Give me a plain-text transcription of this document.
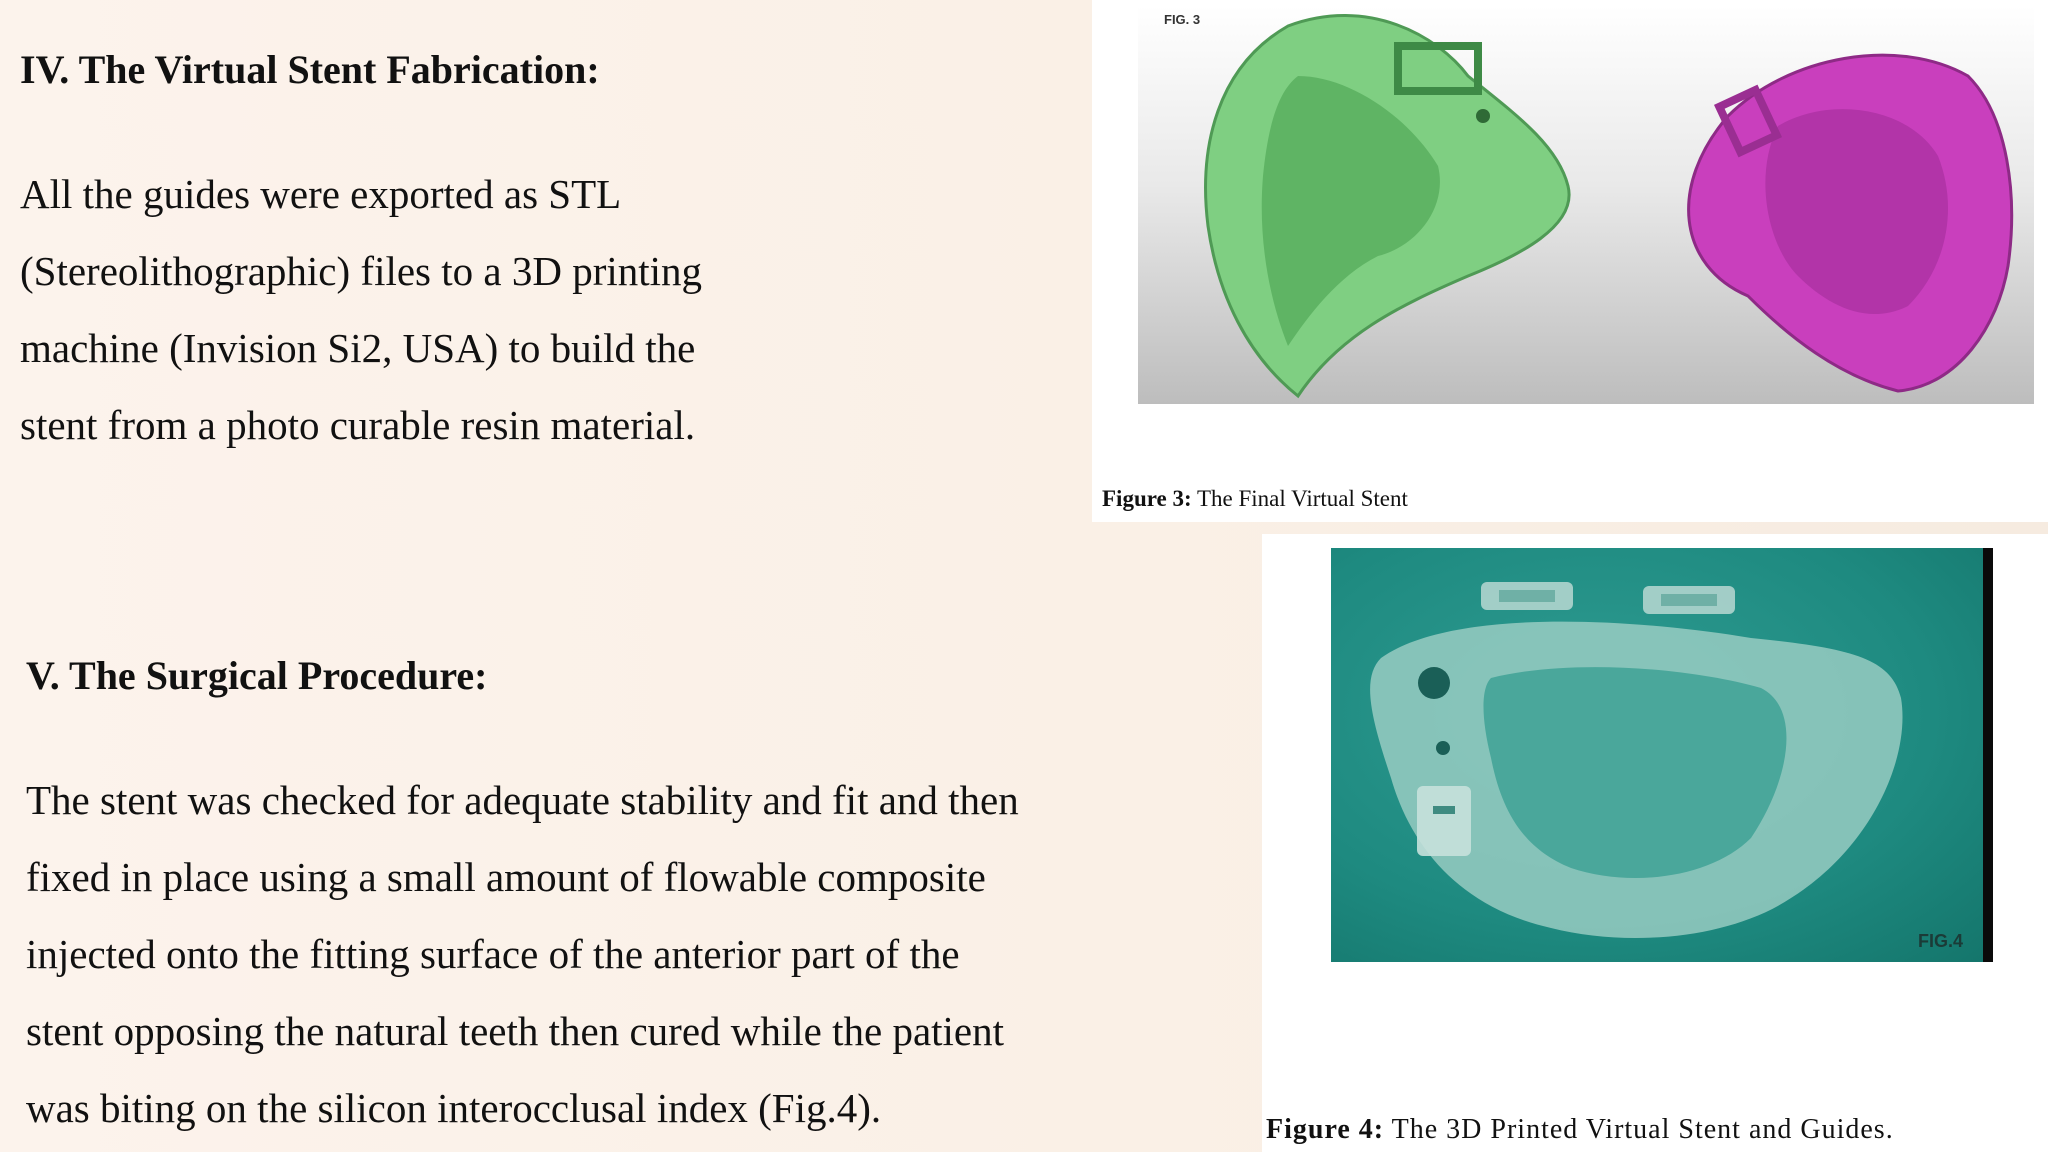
IV. The Virtual Stent Fabrication:
All the guides were exported as STL
(Stereolithographic) files to a 3D printing
machine (Invision Si2, USA) to build the
stent from a photo curable resin material.
V. The Surgical Procedure:
The stent was checked for adequate stability and fit and then
fixed in place using a small amount of flowable composite
injected onto the fitting surface of the anterior part of the
stent opposing the natural teeth then cured while the patient
was biting on the silicon interocclusal index (Fig.4).
FIG. 3
Figure 3: The Final Virtual Stent
FIG.4
Figure 4: The 3D Printed Virtual Stent and Guides.
